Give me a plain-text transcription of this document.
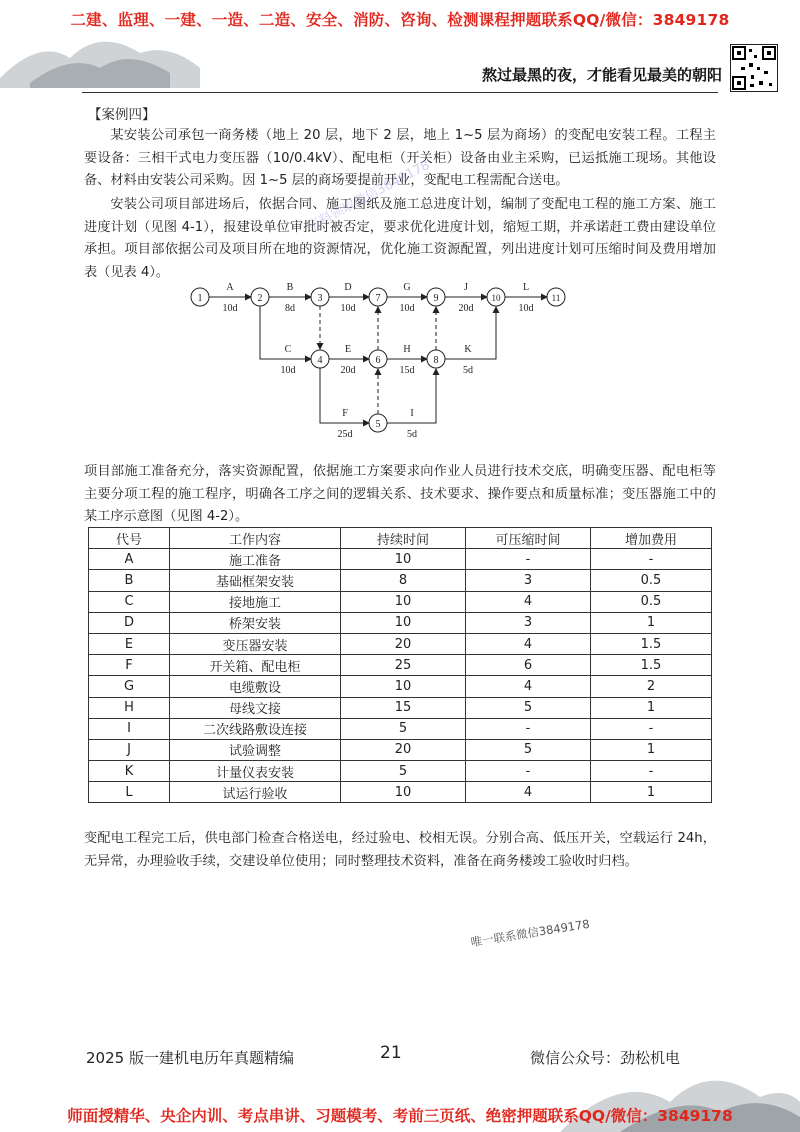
二建、监理、一建、一造、二造、安全、消防、咨询、检测课程押题联系QQ/微信：3849178
熬过最黑的夜，才能看见最美的朝阳
【案例四】

某安装公司承包一商务楼（地上 20 层，地下 2 层，地上 1~5 层为商场）的变配电安装工程。工程主要设备：三相干式电力变压器（10/0.4kV）、配电柜（开关柜）设备由业主采购，已运抵施工现场。其他设备、材料由安装公司采购。因 1~5 层的商场要提前开业，变配电工程需配合送电。

安装公司项目部进场后，依据合同、施工图纸及施工总进度计划，编制了变配电工程的施工方案、施工进度计划（见图 4-1），报建设单位审批时被否定，要求优化进度计划，缩短工期，并承诺赶工费由建设单位承担。项目部依据公司及项目所在地的资源情况，优化施工资源配置，列出进度计划可压缩时间及费用增加表（见表 4）。

资料领取微信3849178
1	2	3
4
5
6
7
8
9	10	11
A
10d
B
8d
D
10d
G
10d
J
20d
L
10d
C
10d
E
20d
H
15d
K
5d
F
25d
I
5d

项目部施工准备充分，落实资源配置，依据施工方案要求向作业人员进行技术交底，明确变压器、配电柜等主要分项工程的施工程序，明确各工序之间的逻辑关系、技术要求、操作要点和质量标准；变压器施工中的某工序示意图（见图 4-2）。

代号	工作内容	持续时间	可压缩时间	增加费用
A	施工准备	10	-	-
B	基础框架安装	8	3	0.5
C	接地施工	10	4	0.5
D	桥架安装	10	3	1
E	变压器安装	20	4	1.5
F	开关箱、配电柜	25	6	1.5
G	电缆敷设	10	4	2
H	母线文接	15	5	1
I	二次线路敷设连接	5	-	-
J	试验调整	20	5	1
K	计量仪表安装	5	-	-
L	试运行验收	10	4	1

变配电工程完工后，供电部门检查合格送电，经过验电、校相无误。分别合高、低压开关，空载运行 24h，无异常，办理验收手续，交建设单位使用；同时整理技术资料，准备在商务楼竣工验收时归档。

唯一联系微信3849178
2025 版一建机电历年真题精编	21	微信公众号：劲松机电
师面授精华、央企内训、考点串讲、习题模考、考前三页纸、绝密押题联系QQ/微信：3849178
